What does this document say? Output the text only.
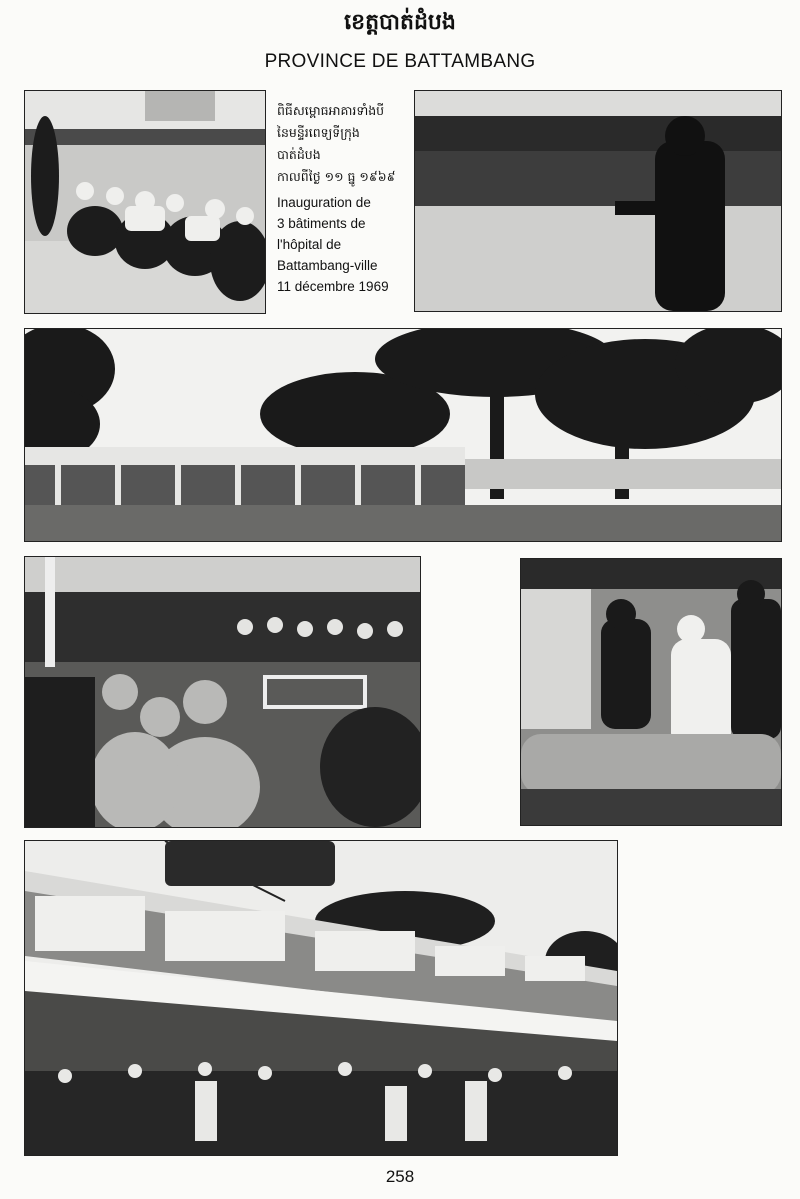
ខេត្តបាត់ដំបង
PROVINCE DE BATTAMBANG
ពិធីសម្ពោធអាគារទាំងបី
នៃមន្ទីរពេទ្យទីក្រុង
បាត់ដំបង
កាលពីថ្ងៃ ១១ ធ្នូ ១៩៦៩
Inauguration de
3 bâtiments de
l'hôpital de
Battambang-ville
11 décembre 1969
258
